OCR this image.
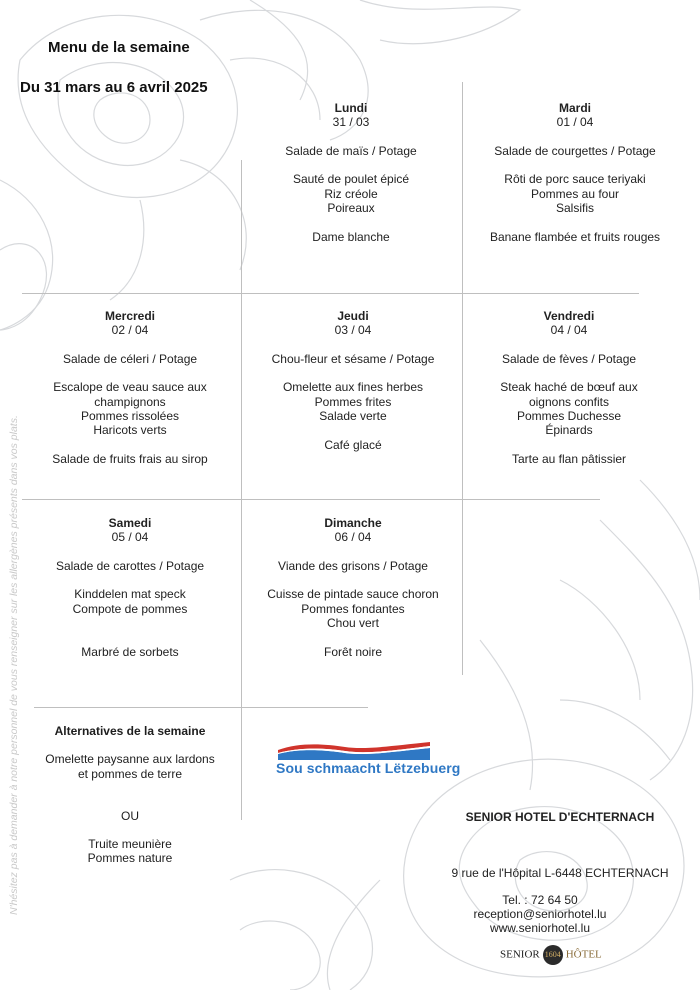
Menu de la semaine
Du 31 mars au 6 avril 2025
Lundi
31 / 03
Salade de maïs / Potage
Sauté de poulet épicé
Riz créole
Poireaux
Dame blanche
Mardi
01 / 04
Salade de courgettes / Potage
Rôti de porc sauce teriyaki
Pommes au four
Salsifis
Banane flambée et fruits rouges
Mercredi
02 / 04
Salade de céleri / Potage
Escalope de veau sauce aux
champignons
Pommes rissolées
Haricots verts
Salade de fruits frais au sirop
Jeudi
03 / 04
Chou-fleur et sésame / Potage
Omelette aux fines herbes
Pommes frites
Salade verte
Café glacé
Vendredi
04 / 04
Salade de fèves / Potage
Steak haché de bœuf aux
oignons confits
Pommes Duchesse
Épinards
Tarte au flan pâtissier
Samedi
05 / 04
Salade de carottes / Potage
Kinddelen mat speck
Compote de pommes
Marbré de sorbets
Dimanche
06 / 04
Viande des grisons / Potage
Cuisse de pintade sauce choron
Pommes fondantes
Chou vert
Forêt noire
Alternatives de la semaine
Omelette paysanne aux lardons
et pommes de terre
OU
Truite meunière
Pommes nature
N'hésitez pas à demander à notre personnel de vous renseigner sur les allergènes présents dans vos plats.	Sou schmaacht Lëtzebuerg
SENIOR HOTEL D'ECHTERNACH
9 rue de l'Hôpital L-6448 ECHTERNACH
Tel. : 72 64 50
reception@seniorhotel.lu
www.seniorhotel.lu
SENIOR 1604 HÔTEL
